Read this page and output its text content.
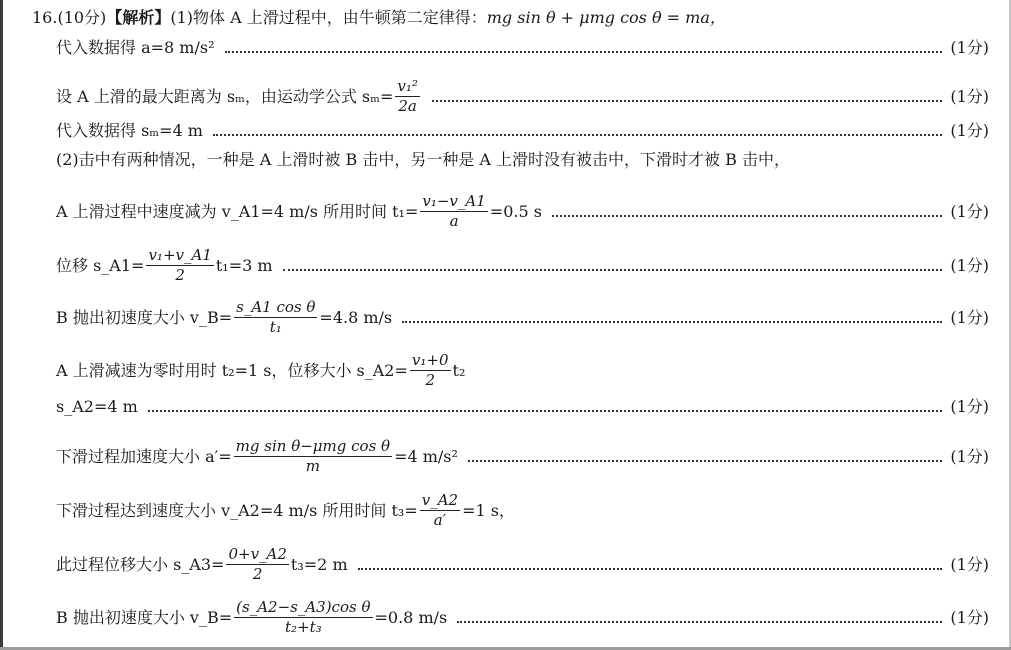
16. (10分) 【解析】 (1)物体 A 上滑过程中，由牛顿第二定律得： mg sin θ + μmg cos θ = ma，
代入数据得 a=8 m/s²	(1分)
设 A 上滑的最大距离为 sₘ，由运动学公式 $s_m= \frac{\text{v₁²}}{2a}$	(1分)
代入数据得 sₘ=4 m	(1分)
(2)击中有两种情况，一种是 A 上滑时被 B 击中，另一种是 A 上滑时没有被击中，下滑时才被 B 击中，
A 上滑过程中速度减为 v_A1=4 m/s 所用时间 $t_1= \frac{\text{v₁−v\_A1}}{a} =0.5$ s	(1分)
位移 s_A1= $\frac{\text{v₁+v\_A1}}{2} t_1=3$ m	(1分)
B 抛出初速度大小 v_B= $\frac{\text{s\_A1 cos θ}}{\text{t₁}} =4.8$ m/s	(1分)
A 上滑减速为零时用时 t₂=1 s，位移大小 s_A2= $\frac{\text{v₁+0}}{2} t_2$
s_A2=4 m	(1分)
下滑过程加速度大小 $a'= \frac{\text{mg sin θ−μmg cos θ}}{m} =4$ m/s²	(1分)
下滑过程达到速度大小 v_A2=4 m/s 所用时间 $t_3= \frac{v\_A2}{a'} =1$ s，
此过程位移大小 s_A3= $\frac{0+v\_A2}{2} t_3=2$ m	(1分)
B 抛出初速度大小 v_B= $\frac{\text{(s\_A2−s\_A3)cos θ}}{\text{t₂+t₃}} =0.8$ m/s	(1分)
